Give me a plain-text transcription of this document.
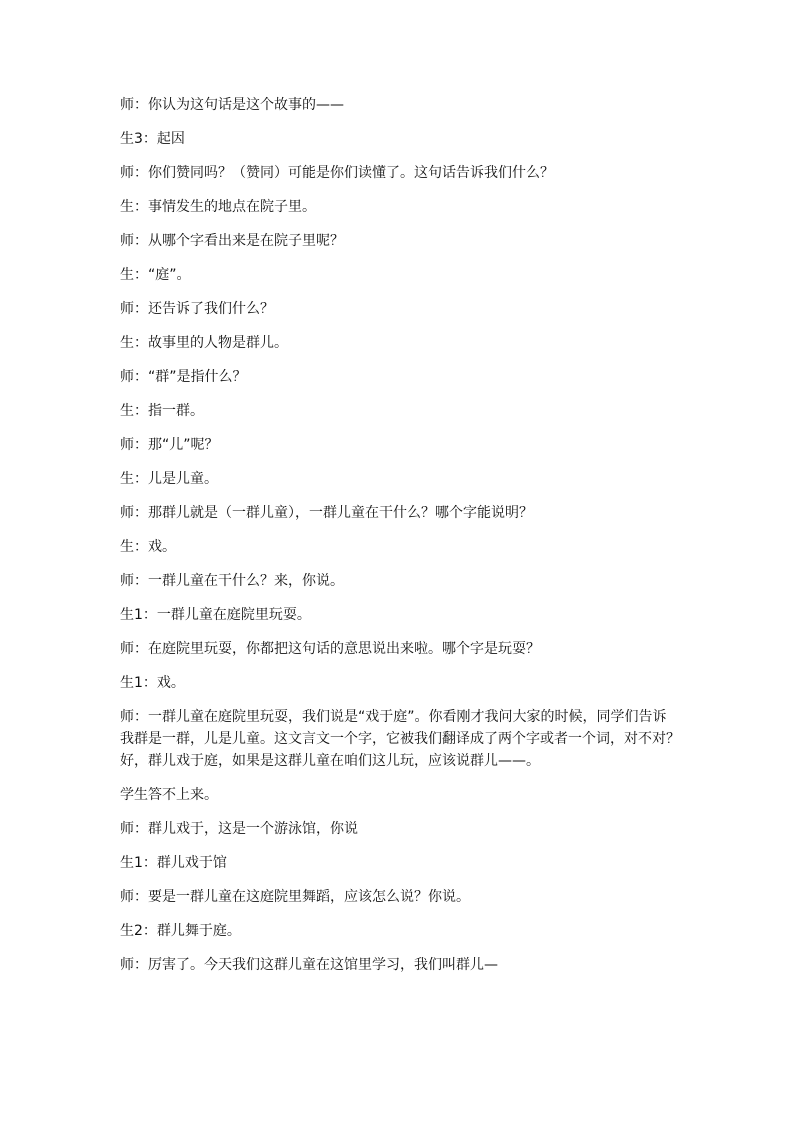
师：你认为这句话是这个故事的——

生3：起因

师：你们赞同吗？（赞同）可能是你们读懂了。这句话告诉我们什么？

生：事情发生的地点在院子里。

师：从哪个字看出来是在院子里呢？

生：“庭”。

师：还告诉了我们什么？

生：故事里的人物是群儿。

师：“群”是指什么？

生：指一群。

师：那“儿”呢？

生：儿是儿童。

师：那群儿就是（一群儿童），一群儿童在干什么？哪个字能说明？

生：戏。

师：一群儿童在干什么？来，你说。

生1：一群儿童在庭院里玩耍。

师：在庭院里玩耍，你都把这句话的意思说出来啦。哪个字是玩耍？

生1：戏。

师：一群儿童在庭院里玩耍，我们说是“戏于庭”。你看刚才我问大家的时候，同学们告诉我群是一群，儿是儿童。这文言文一个字，它被我们翻译成了两个字或者一个词，对不对？好，群儿戏于庭，如果是这群儿童在咱们这儿玩，应该说群儿——。

学生答不上来。

师：群儿戏于，这是一个游泳馆，你说

生1：群儿戏于馆

师：要是一群儿童在这庭院里舞蹈，应该怎么说？你说。

生2：群儿舞于庭。

师：厉害了。今天我们这群儿童在这馆里学习，我们叫群儿—
